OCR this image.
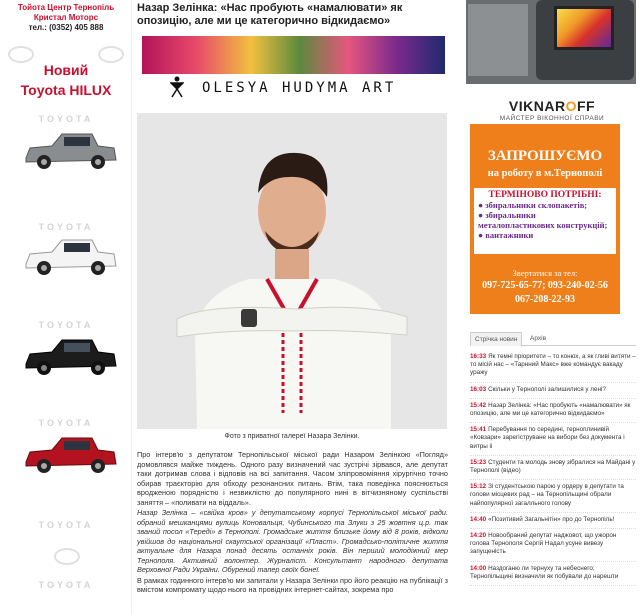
Тойота Центр Тернопіль
Кристал Моторс
тел.: (0352) 405 888
Новий
Toyota HILUX
TOYOTA
TOYOTA
TOYOTA
TOYOTA
TOYOTA
TOYOTA
Назар Зелінка: «Нас пробують «намалювати» як опозицію, але ми це категорично відкидаємо»
OLESYA HUDYMA ART
Фото з приватної галереї Назара Зелінки.

Про інтерв'ю з депутатом Тернопільської міської ради Назаром Зелінкою «Погляд» домовлявся майже тиждень. Одного разу визначений час зустрічі зірвався, але депутат таки дотримав слова і відповів на всі запитання. Часом зліпровоміяння хірургічно точно обирав траєкторію для обходу резонансних питань. Втім, така поведінка пояснюється вродженою порядністю і незвиклістю до популярного нині в вітчизняному суспільстві заняття – «поливати на віддаль».

Назар Зелінка – «свійка кров» у депутатському корпусі Тернопільської міської ради. обраний мешканцями вулиць Коновальця, Чубинського та Злуки з 25 жовтня ц.р. так званий посол «Тереді» в Тернополі. Громадське життя близьке йому від 8 років, відколи увійшов до національної скаутської організації «Пласт». Громадсько-політичне життя актуальне для Назара понад десять останніх років. Він перший молодіжний мер Тернополя. Активний волонтер. Журналіст. Консультант народного депутата Верховної Ради України. Обурений тапер своїх бонеї.

В рамках годинного інтерв'ю ми запитали у Назара Зелінки про його реакцію на публікації з вмістом компромату щодо нього на провідних інтернет-сайтах, зокрема про

VIKNAROFF
МАЙСТЕР ВІКОННОЇ СПРАВИ
ЗАПРОШУЄМО
на роботу в м.Тернополі
ТЕРМІНОВО ПОТРІБНІ:
● збиральники склопакетів;
● збиральники металопластикових конструкцій;
● вантажники
Звертатися за тел:
097-725-65-77; 093-240-02-56
067-208-22-93
Стрічка новин	Архів
16:33 Як темні пріоритети – то конюх, а як гливі витяти – то місій нас – «Тарнний Макс» вже командує вакаду уражу
16:03 Скільки у Тернополі залишилися у лені?
15:42 Назар Зелінка: «Нас пробують «намалювати» як опозицію, але ми це категорично відкидаємо»
15:41 Перебування по середині, терноплинивій «Ковзари» зарегіструване на вибори без документа і витры іі
15:23 Студенти та молодь знову зібралися на Майдані у Тернополі (відео)
15:12 Зі студентською парою у ордеру в депутати та голови місцевих рад – на Тернопільщині обрали найпопулярної загалльного голову
14:40 «Позитивий Загальнітін» про до Тернопіль!
14:20 Новообраний депутат наджовот, що ужорон голова Тернополя Сергій Надал усуне вивезу запущеність
14:00 Наздоганю ли тернуху та небеснего; Тернопільщині визначили як побували до нарешти
